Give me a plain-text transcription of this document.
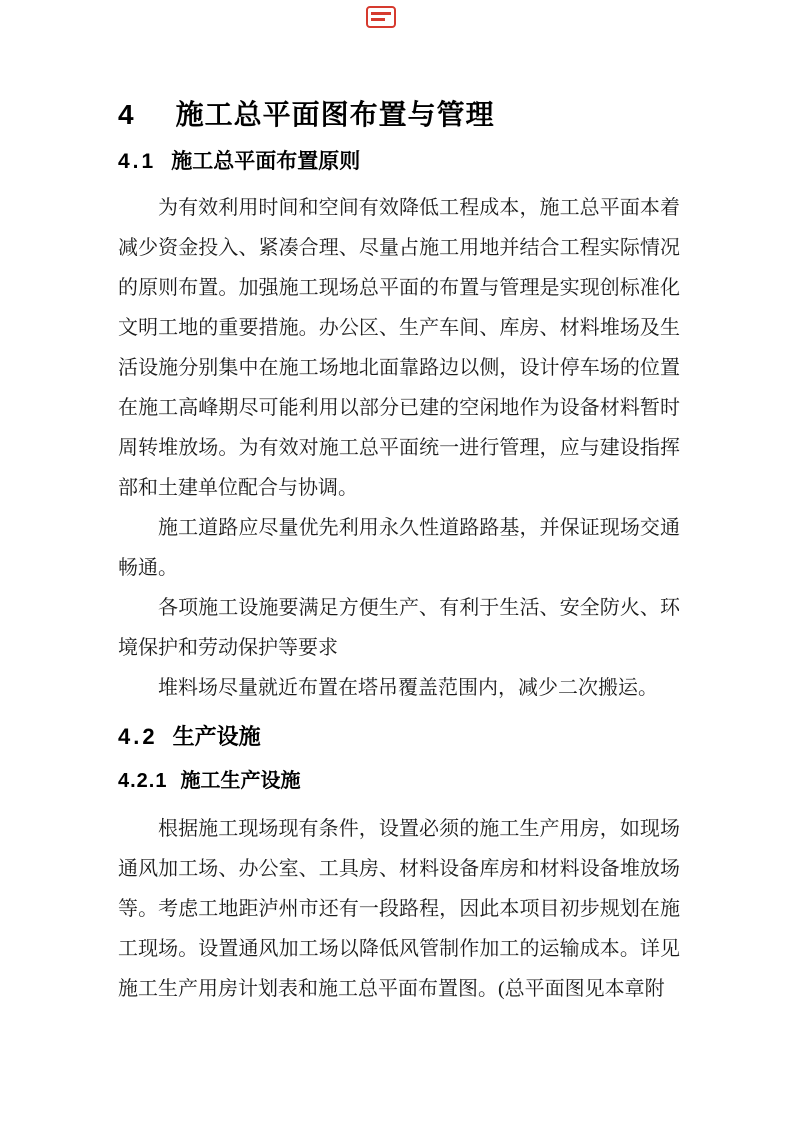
4 施工总平面图布置与管理
4.1 施工总平面布置原则

为有效利用时间和空间有效降低工程成本，施工总平面本着减少资金投入、紧凑合理、尽量占施工用地并结合工程实际情况的原则布置。加强施工现场总平面的布置与管理是实现创标准化文明工地的重要措施。办公区、生产车间、库房、材料堆场及生活设施分别集中在施工场地北面靠路边以侧，设计停车场的位置在施工高峰期尽可能利用以部分已建的空闲地作为设备材料暂时周转堆放场。为有效对施工总平面统一进行管理，应与建设指挥部和土建单位配合与协调。

施工道路应尽量优先利用永久性道路路基，并保证现场交通畅通。

各项施工设施要满足方便生产、有利于生活、安全防火、环境保护和劳动保护等要求

堆料场尽量就近布置在塔吊覆盖范围内，减少二次搬运。

4.2 生产设施
4.2.1 施工生产设施

根据施工现场现有条件，设置必须的施工生产用房，如现场通风加工场、办公室、工具房、材料设备库房和材料设备堆放场等。考虑工地距泸州市还有一段路程，因此本项目初步规划在施工现场。设置通风加工场以降低风管制作加工的运输成本。详见施工生产用房计划表和施工总平面布置图。(总平面图见本章附
